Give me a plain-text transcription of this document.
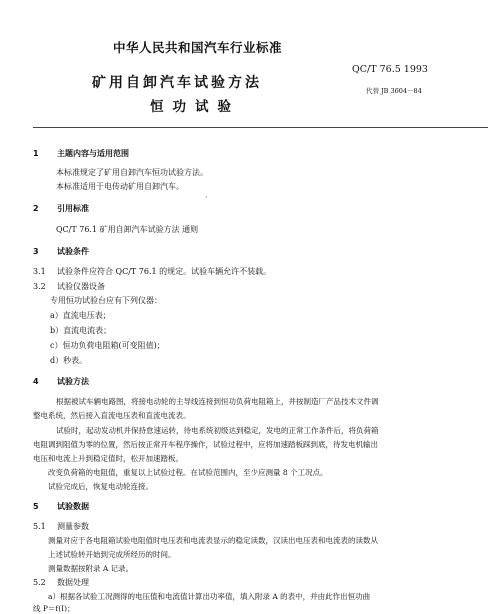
中华人民共和国汽车行业标准
QC/T 76.5 1993
矿用自卸汽车试验方法
恒功试验
代替 JB 3604－84
1 主题内容与适用范围
本标准规定了矿用自卸汽车恒功试验方法。
本标准适用于电传动矿用自卸汽车。
·
2 引用标准
QC/T 76.1 矿用自卸汽车试验方法 通则
3 试验条件
3.1 试验条件应符合 QC/T 76.1 的规定。试验车辆允许不装载。
3.2 试验仪器设备
专用恒功试验台应有下列仪器：
a）直流电压表；
b）直流电流表；
c）恒功负荷电阻箱(可变阻值)；
d）秒表。
4 试验方法
根据被试车辆电路图，将接电动轮的主导线连接到恒功负荷电阻箱上，并按制造厂产品技术文件调
整电系统，然后接入直流电压表和直流电流表。
试验时，起动发动机并保持怠速运转，待电系统初级达到稳定，发电的正常工作条件后，将负荷箱
电阻调到阻值为零的位置，然后按正常开车程序操作，试验过程中，应将加速踏板踩到底，待发电机输出
电压和电流上升到稳定值时，松开加速踏板。
改变负荷箱的电阻值，重复以上试验过程。在试验范围内，至少应测量 8 个工况点。
试验完成后，恢复电动轮连接。
5 试验数据
5.1 测量参数
测量对应于各电阻箱试验电阻值时电压表和电流表显示的稳定读数，汉读出电压表和电流表的读数从
上述试验转开始到完成所经历的时间。
测量数据按附录 A 记录。
5.2 数据处理
a）根据各试验工况测得的电压值和电流值计算出功率值，填入附录 A 的表中，并由此作出恒功曲
线 P＝f(I)；
